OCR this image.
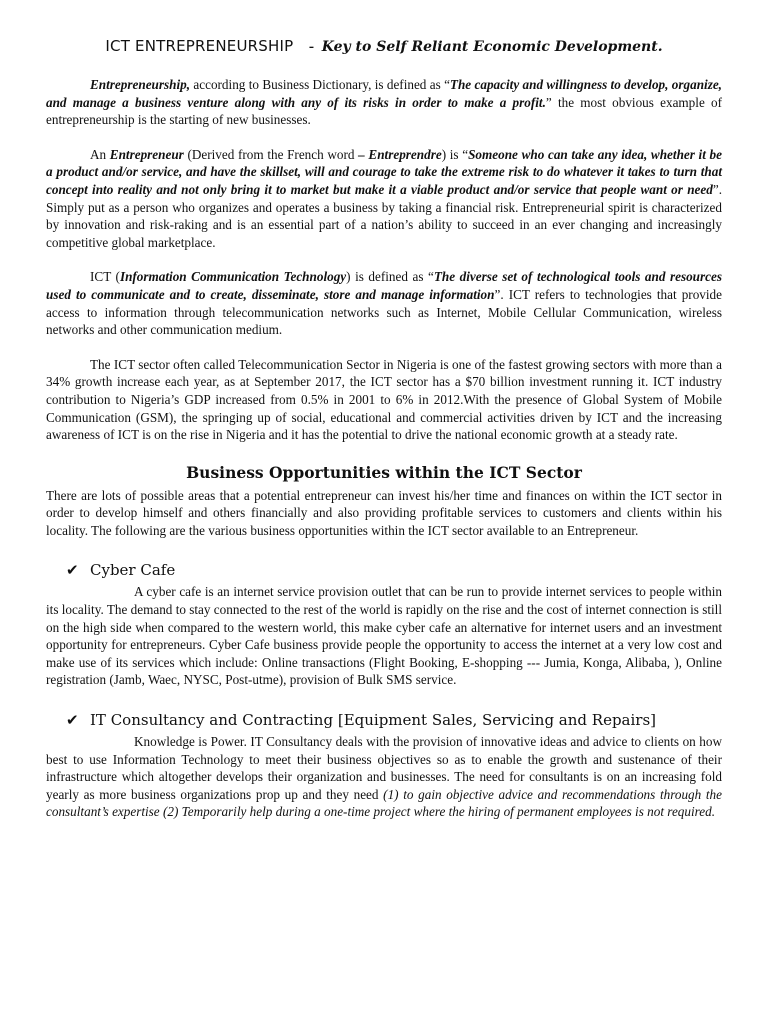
ICT ENTREPRENEURSHIP - Key to Self Reliant Economic Development.

Entrepreneurship, according to Business Dictionary, is defined as “The capacity and willingness to develop, organize, and manage a business venture along with any of its risks in order to make a profit.” the most obvious example of entrepreneurship is the starting of new businesses.

An Entrepreneur (Derived from the French word – Entreprendre) is “Someone who can take any idea, whether it be a product and/or service, and have the skillset, will and courage to take the extreme risk to do whatever it takes to turn that concept into reality and not only bring it to market but make it a viable product and/or service that people want or need”. Simply put as a person who organizes and operates a business by taking a financial risk. Entrepreneurial spirit is characterized by innovation and risk-raking and is an essential part of a nation’s ability to succeed in an ever changing and increasingly competitive global marketplace.

ICT (Information Communication Technology) is defined as “The diverse set of technological tools and resources used to communicate and to create, disseminate, store and manage information”. ICT refers to technologies that provide access to information through telecommunication networks such as Internet, Mobile Cellular Communication, wireless networks and other communication medium.

The ICT sector often called Telecommunication Sector in Nigeria is one of the fastest growing sectors with more than a 34% growth increase each year, as at September 2017, the ICT sector has a $70 billion investment running it. ICT industry contribution to Nigeria’s GDP increased from 0.5% in 2001 to 6% in 2012.With the presence of Global System of Mobile Communication (GSM), the springing up of social, educational and commercial activities driven by ICT and the increasing awareness of ICT is on the rise in Nigeria and it has the potential to drive the national economic growth at a steady rate.

Business Opportunities within the ICT Sector

There are lots of possible areas that a potential entrepreneur can invest his/her time and finances on within the ICT sector in order to develop himself and others financially and also providing profitable services to customers and clients within his locality. The following are the various business opportunities within the ICT sector available to an Entrepreneur.

✔ Cyber Cafe

A cyber cafe is an internet service provision outlet that can be run to provide internet services to people within its locality. The demand to stay connected to the rest of the world is rapidly on the rise and the cost of internet connection is still on the high side when compared to the western world, this make cyber cafe an alternative for internet users and an investment opportunity for entrepreneurs. Cyber Cafe business provide people the opportunity to access the internet at a very low cost and make use of its services which include: Online transactions (Flight Booking, E-shopping --- Jumia, Konga, Alibaba, ), Online registration (Jamb, Waec, NYSC, Post-utme), provision of Bulk SMS service.

✔ IT Consultancy and Contracting [Equipment Sales, Servicing and Repairs]

Knowledge is Power. IT Consultancy deals with the provision of innovative ideas and advice to clients on how best to use Information Technology to meet their business objectives so as to enable the growth and sustenance of their infrastructure which altogether develops their organization and businesses. The need for consultants is on an increasing fold yearly as more business organizations prop up and they need (1) to gain objective advice and recommendations through the consultant’s expertise (2) Temporarily help during a one-time project where the hiring of permanent employees is not required.
